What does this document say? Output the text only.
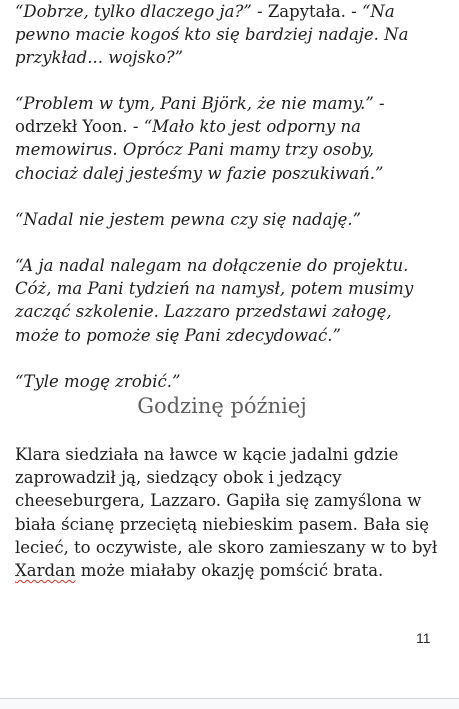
“Dobrze, tylko dlaczego ja?” - Zapytała. - “Na pewno macie kogoś kto się bardziej nadaje. Na przykład... wojsko?”

“Problem w tym, Pani Björk, że nie mamy.” - odrzekł Yoon. - “Mało kto jest odporny na memowirus. Oprócz Pani mamy trzy osoby, chociaż dalej jesteśmy w fazie poszukiwań.”

“Nadal nie jestem pewna czy się nadaję.”

“A ja nadal nalegam na dołączenie do projektu. Cóż, ma Pani tydzień na namysł, potem musimy zacząć szkolenie. Lazzaro przedstawi załogę, może to pomoże się Pani zdecydować.”

“Tyle mogę zrobić.”

Godzinę później

Klara siedziała na ławce w kącie jadalni gdzie zaprowadził ją, siedzący obok i jedzący cheeseburgera, Lazzaro. Gapiła się zamyślona w biała ścianę przeciętą niebieskim pasem. Bała się lecieć, to oczywiste, ale skoro zamieszany w to był Xardan może miałaby okazję pomścić brata.

11
